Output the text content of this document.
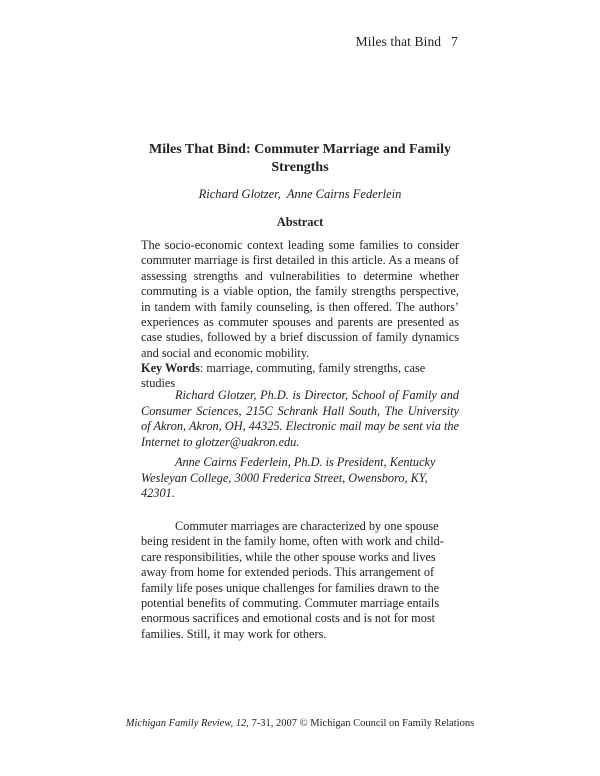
Miles that Bind 7
Miles That Bind: Commuter Marriage and Family Strengths
Richard Glotzer, Anne Cairns Federlein
Abstract
The socio-economic context leading some families to consider commuter marriage is first detailed in this article. As a means of assessing strengths and vulnerabilities to determine whether commuting is a viable option, the family strengths perspective, in tandem with family counseling, is then offered. The authors’ experiences as commuter spouses and parents are presented as case studies, followed by a brief discussion of family dynamics and social and economic mobility.
Key Words: marriage, commuting, family strengths, case studies
Richard Glotzer, Ph.D. is Director, School of Family and Consumer Sciences, 215C Schrank Hall South, The University of Akron, Akron, OH, 44325. Electronic mail may be sent via the Internet to glotzer@uakron.edu.
Anne Cairns Federlein, Ph.D. is President, Kentucky Wesleyan College, 3000 Frederica Street, Owensboro, KY, 42301.
Commuter marriages are characterized by one spouse being resident in the family home, often with work and child-care responsibilities, while the other spouse works and lives away from home for extended periods. This arrangement of family life poses unique challenges for families drawn to the potential benefits of commuting. Commuter marriage entails enormous sacrifices and emotional costs and is not for most families. Still, it may work for others.
Michigan Family Review, 12, 7-31, 2007 © Michigan Council on Family Relations
